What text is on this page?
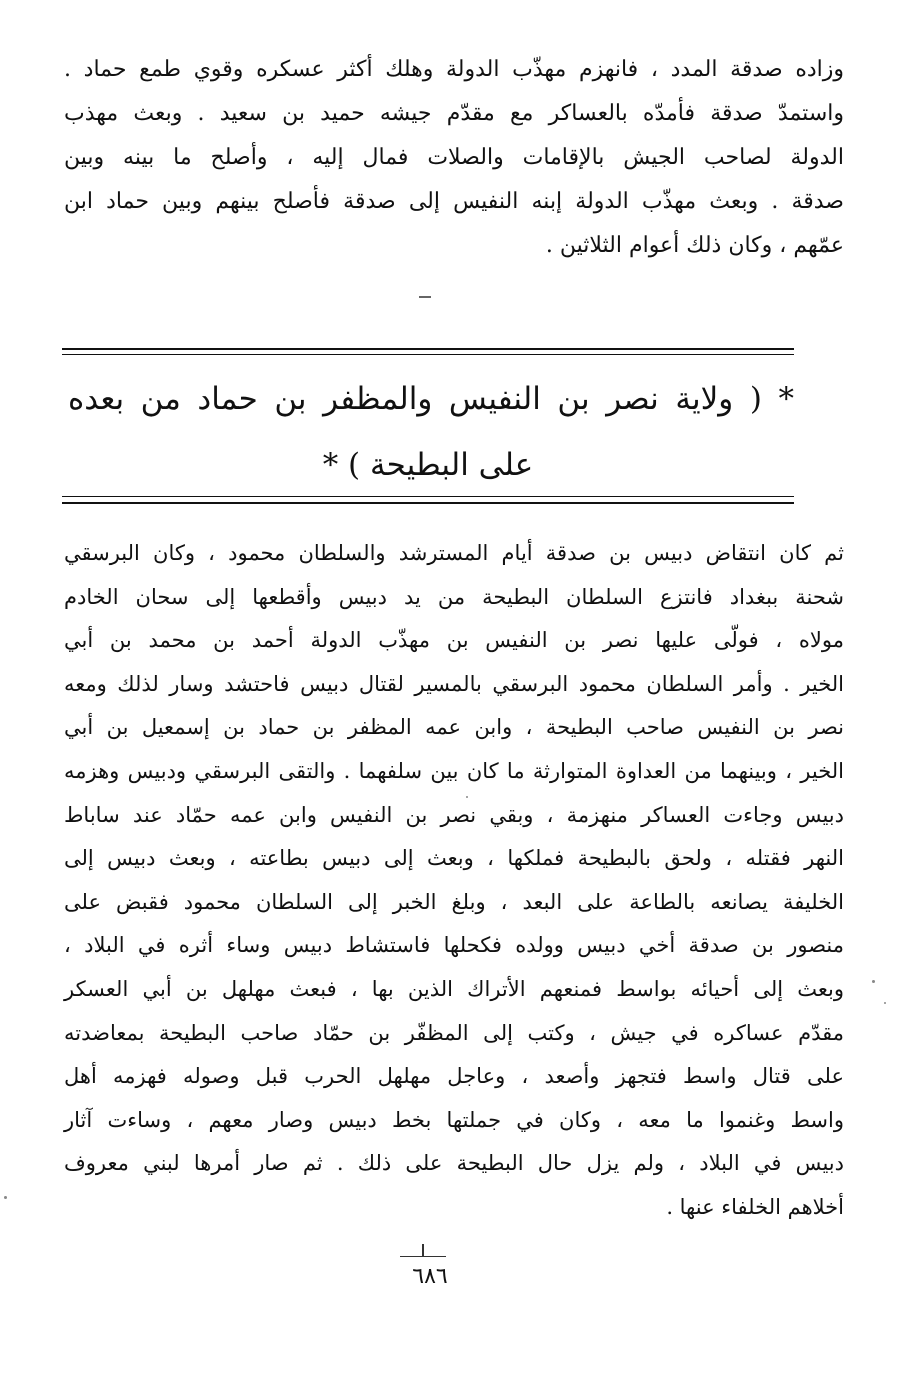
وزاده صدقة المدد ، فانهزم مهذّب الدولة وهلك أكثر عسكره وقوي طمع حماد .
واستمدّ صدقة فأمدّه بالعساكر مع مقدّم جيشه حميد بن سعيد . وبعث مهذب
الدولة لصاحب الجيش بالإقامات والصلات فمال إليه ، وأصلح ما بينه وبين
صدقة . وبعث مهذّب الدولة إبنه النفيس إلى صدقة فأصلح بينهم وبين حماد ابن
عمّهم ، وكان ذلك أعوام الثلاثين .
* ( ولاية نصر بن النفيس والمظفر بن حماد من بعده
على البطيحة ) *
ثم كان انتقاض دبيس بن صدقة أيام المسترشد والسلطان محمود ، وكان البرسقي
شحنة ببغداد فانتزع السلطان البطيحة من يد دبيس وأقطعها إلى سحان الخادم
مولاه ، فولّى عليها نصر بن النفيس بن مهذّب الدولة أحمد بن محمد بن أبي
الخير . وأمر السلطان محمود البرسقي بالمسير لقتال دبيس فاحتشد وسار لذلك ومعه
نصر بن النفيس صاحب البطيحة ، وابن عمه المظفر بن حماد بن إسمعيل بن أبي
الخير ، وبينهما من العداوة المتوارثة ما كان بين سلفهما . والتقى البرسقي ودبيس وهزمه
دبيس وجاءت العساكر منهزمة ، وبقي نصر بن النفيس وابن عمه حمّاد عند ساباط
النهر فقتله ، ولحق بالبطيحة فملكها ، وبعث إلى دبيس بطاعته ، وبعث دبيس إلى
الخليفة يصانعه بالطاعة على البعد ، وبلغ الخبر إلى السلطان محمود فقبض على
منصور بن صدقة أخي دبيس وولده فكحلها فاستشاط دبيس وساء أثره في البلاد ،
وبعث إلى أحيائه بواسط فمنعهم الأتراك الذين بها ، فبعث مهلهل بن أبي العسكر
مقدّم عساكره في جيش ، وكتب إلى المظفّر بن حمّاد صاحب البطيحة بمعاضدته
على قتال واسط فتجهز وأصعد ، وعاجل مهلهل الحرب قبل وصوله فهزمه أهل
واسط وغنموا ما معه ، وكان في جملتها بخط دبيس وصار معهم ، وساءت آثار
دبيس في البلاد ، ولم يزل حال البطيحة على ذلك . ثم صار أمرها لبني معروف
أخلاهم الخلفاء عنها .
٦٨٦
